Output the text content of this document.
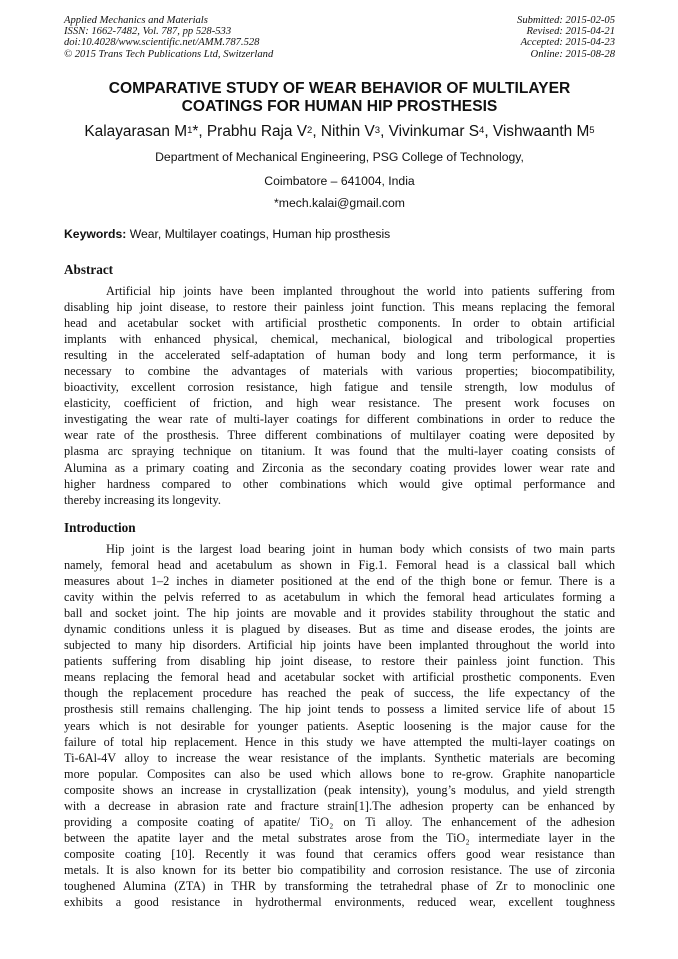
Applied Mechanics and Materials
ISSN: 1662-7482, Vol. 787, pp 528-533
doi:10.4028/www.scientific.net/AMM.787.528
© 2015 Trans Tech Publications Ltd, Switzerland
Submitted: 2015-02-05
Revised: 2015-04-21
Accepted: 2015-04-23
Online: 2015-08-28
COMPARATIVE STUDY OF WEAR BEHAVIOR OF MULTILAYER
COATINGS FOR HUMAN HIP PROSTHESIS
Kalayarasan $M^1*$, Prabhu Raja $V^2$, Nithin $V^3$, Vivinkumar $S^4$, Vishwaanth $M^5$
Department of Mechanical Engineering, PSG College of Technology,
Coimbatore – 641004, India
*mech.kalai@gmail.com
Keywords: Wear, Multilayer coatings, Human hip prosthesis
Abstract
Artificial hip joints have been implanted throughout the world into patients suffering from
disabling hip joint disease, to restore their painless joint function. This means replacing the femoral
head and acetabular socket with artificial prosthetic components. In order to obtain artificial
implants with enhanced physical, chemical, mechanical, biological and tribological properties
resulting in the accelerated self-adaptation of human body and long term performance, it is
necessary to combine the advantages of materials with various properties; biocompatibility,
bioactivity, excellent corrosion resistance, high fatigue and tensile strength, low modulus of
elasticity, coefficient of friction, and high wear resistance. The present work focuses on
investigating the wear rate of multi-layer coatings for different combinations in order to reduce the
wear rate of the prosthesis. Three different combinations of multilayer coating were deposited by
plasma arc spraying technique on titanium. It was found that the multi-layer coating consists of
Alumina as a primary coating and Zirconia as the secondary coating provides lower wear rate and
higher hardness compared to other combinations which would give optimal performance and
thereby increasing its longevity.
Introduction
Hip joint is the largest load bearing joint in human body which consists of two main parts
namely, femoral head and acetabulum as shown in Fig.1. Femoral head is a classical ball which
measures about 1–2 inches in diameter positioned at the end of the thigh bone or femur. There is a
cavity within the pelvis referred to as acetabulum in which the femoral head articulates forming a
ball and socket joint. The hip joints are movable and it provides stability throughout the static and
dynamic conditions unless it is plagued by diseases. But as time and disease erodes, the joints are
subjected to many hip disorders. Artificial hip joints have been implanted throughout the world into
patients suffering from disabling hip joint disease, to restore their painless joint function. This
means replacing the femoral head and acetabular socket with artificial prosthetic components. Even
though the replacement procedure has reached the peak of success, the life expectancy of the
prosthesis still remains challenging. The hip joint tends to possess a limited service life of about 15
years which is not desirable for younger patients. Aseptic loosening is the major cause for the
failure of total hip replacement. Hence in this study we have attempted the multi-layer coatings on
Ti-6Al-4V alloy to increase the wear resistance of the implants. Synthetic materials are becoming
more popular. Composites can also be used which allows bone to re-grow. Graphite nanoparticle
composite shows an increase in crystallization (peak intensity), young’s modulus, and yield strength
with a decrease in abrasion rate and fracture strain[1].The adhesion property can be enhanced by
providing a composite coating of apatite/ TiO₂ on Ti alloy. The enhancement of the adhesion
between the apatite layer and the metal substrates arose from the TiO₂ intermediate layer in the
composite coating [10]. Recently it was found that ceramics offers good wear resistance than
metals. It is also known for its better bio compatibility and corrosion resistance. The use of zirconia
toughened Alumina (ZTA) in THR by transforming the tetrahedral phase of Zr to monoclinic one
exhibits a good resistance in hydrothermal environments, reduced wear, excellent toughness
